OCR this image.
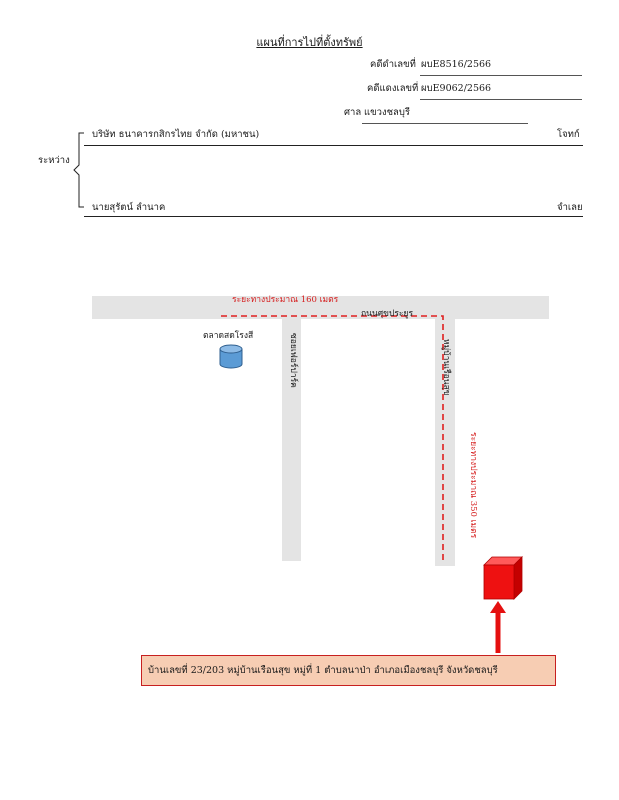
แผนที่การไปที่ตั้งทรัพย์
คดีดำเลขที่ ผบE8516/2566
คดีแดงเลขที่ ผบE9062/2566
ศาล แขวงชลบุรี
ระหว่าง
บริษัท ธนาคารกสิกรไทย จำกัด (มหาชน)	โจทก์
นายสุรัตน์ ลำนาค	จำเลย
ระยะทางประมาณ 160 เมตร
ถนนศุขประยูร
ตลาดสดโรงสี	ซอยเฟอร์ปาร์ค	หมู่บ้านเรือนสุข
ระยะทางประมาณ 350 เมตร
บ้านเลขที่ 23/203 หมู่บ้านเรือนสุข หมู่ที่ 1 ตำบลนาป่า อำเภอเมืองชลบุรี จังหวัดชลบุรี
